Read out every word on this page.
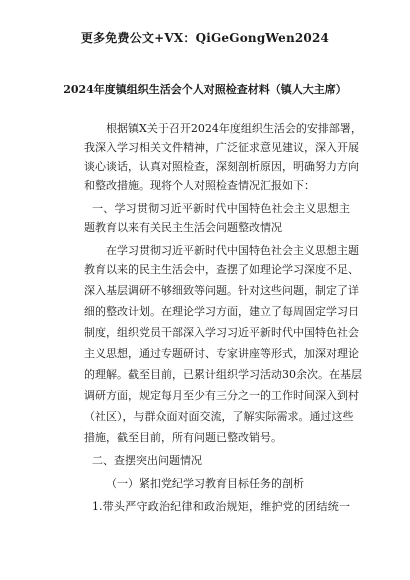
更多免费公文+VX：QiGeGongWen2024
2024年度镇组织生活会个人对照检查材料（镇人大主席）
根据镇X关于召开2024年度组织生活会的安排部署，
我深入学习相关文件精神，广泛征求意见建议，深入开展
谈心谈话，认真对照检查，深刻剖析原因，明确努力方向
和整改措施。现将个人对照检查情况汇报如下：
一、学习贯彻习近平新时代中国特色社会主义思想主
题教育以来有关民主生活会问题整改情况
在学习贯彻习近平新时代中国特色社会主义思想主题
教育以来的民主生活会中，查摆了如理论学习深度不足、
深入基层调研不够细致等问题。针对这些问题，制定了详
细的整改计划。在理论学习方面，建立了每周固定学习日
制度，组织党员干部深入学习习近平新时代中国特色社会
主义思想，通过专题研讨、专家讲座等形式，加深对理论
的理解。截至目前，已累计组织学习活动30余次。在基层
调研方面，规定每月至少有三分之一的工作时间深入到村
（社区），与群众面对面交流，了解实际需求。通过这些
措施，截至目前，所有问题已整改销号。
二、查摆突出问题情况
（一）紧扣党纪学习教育目标任务的剖析
1.带头严守政治纪律和政治规矩，维护党的团结统一
